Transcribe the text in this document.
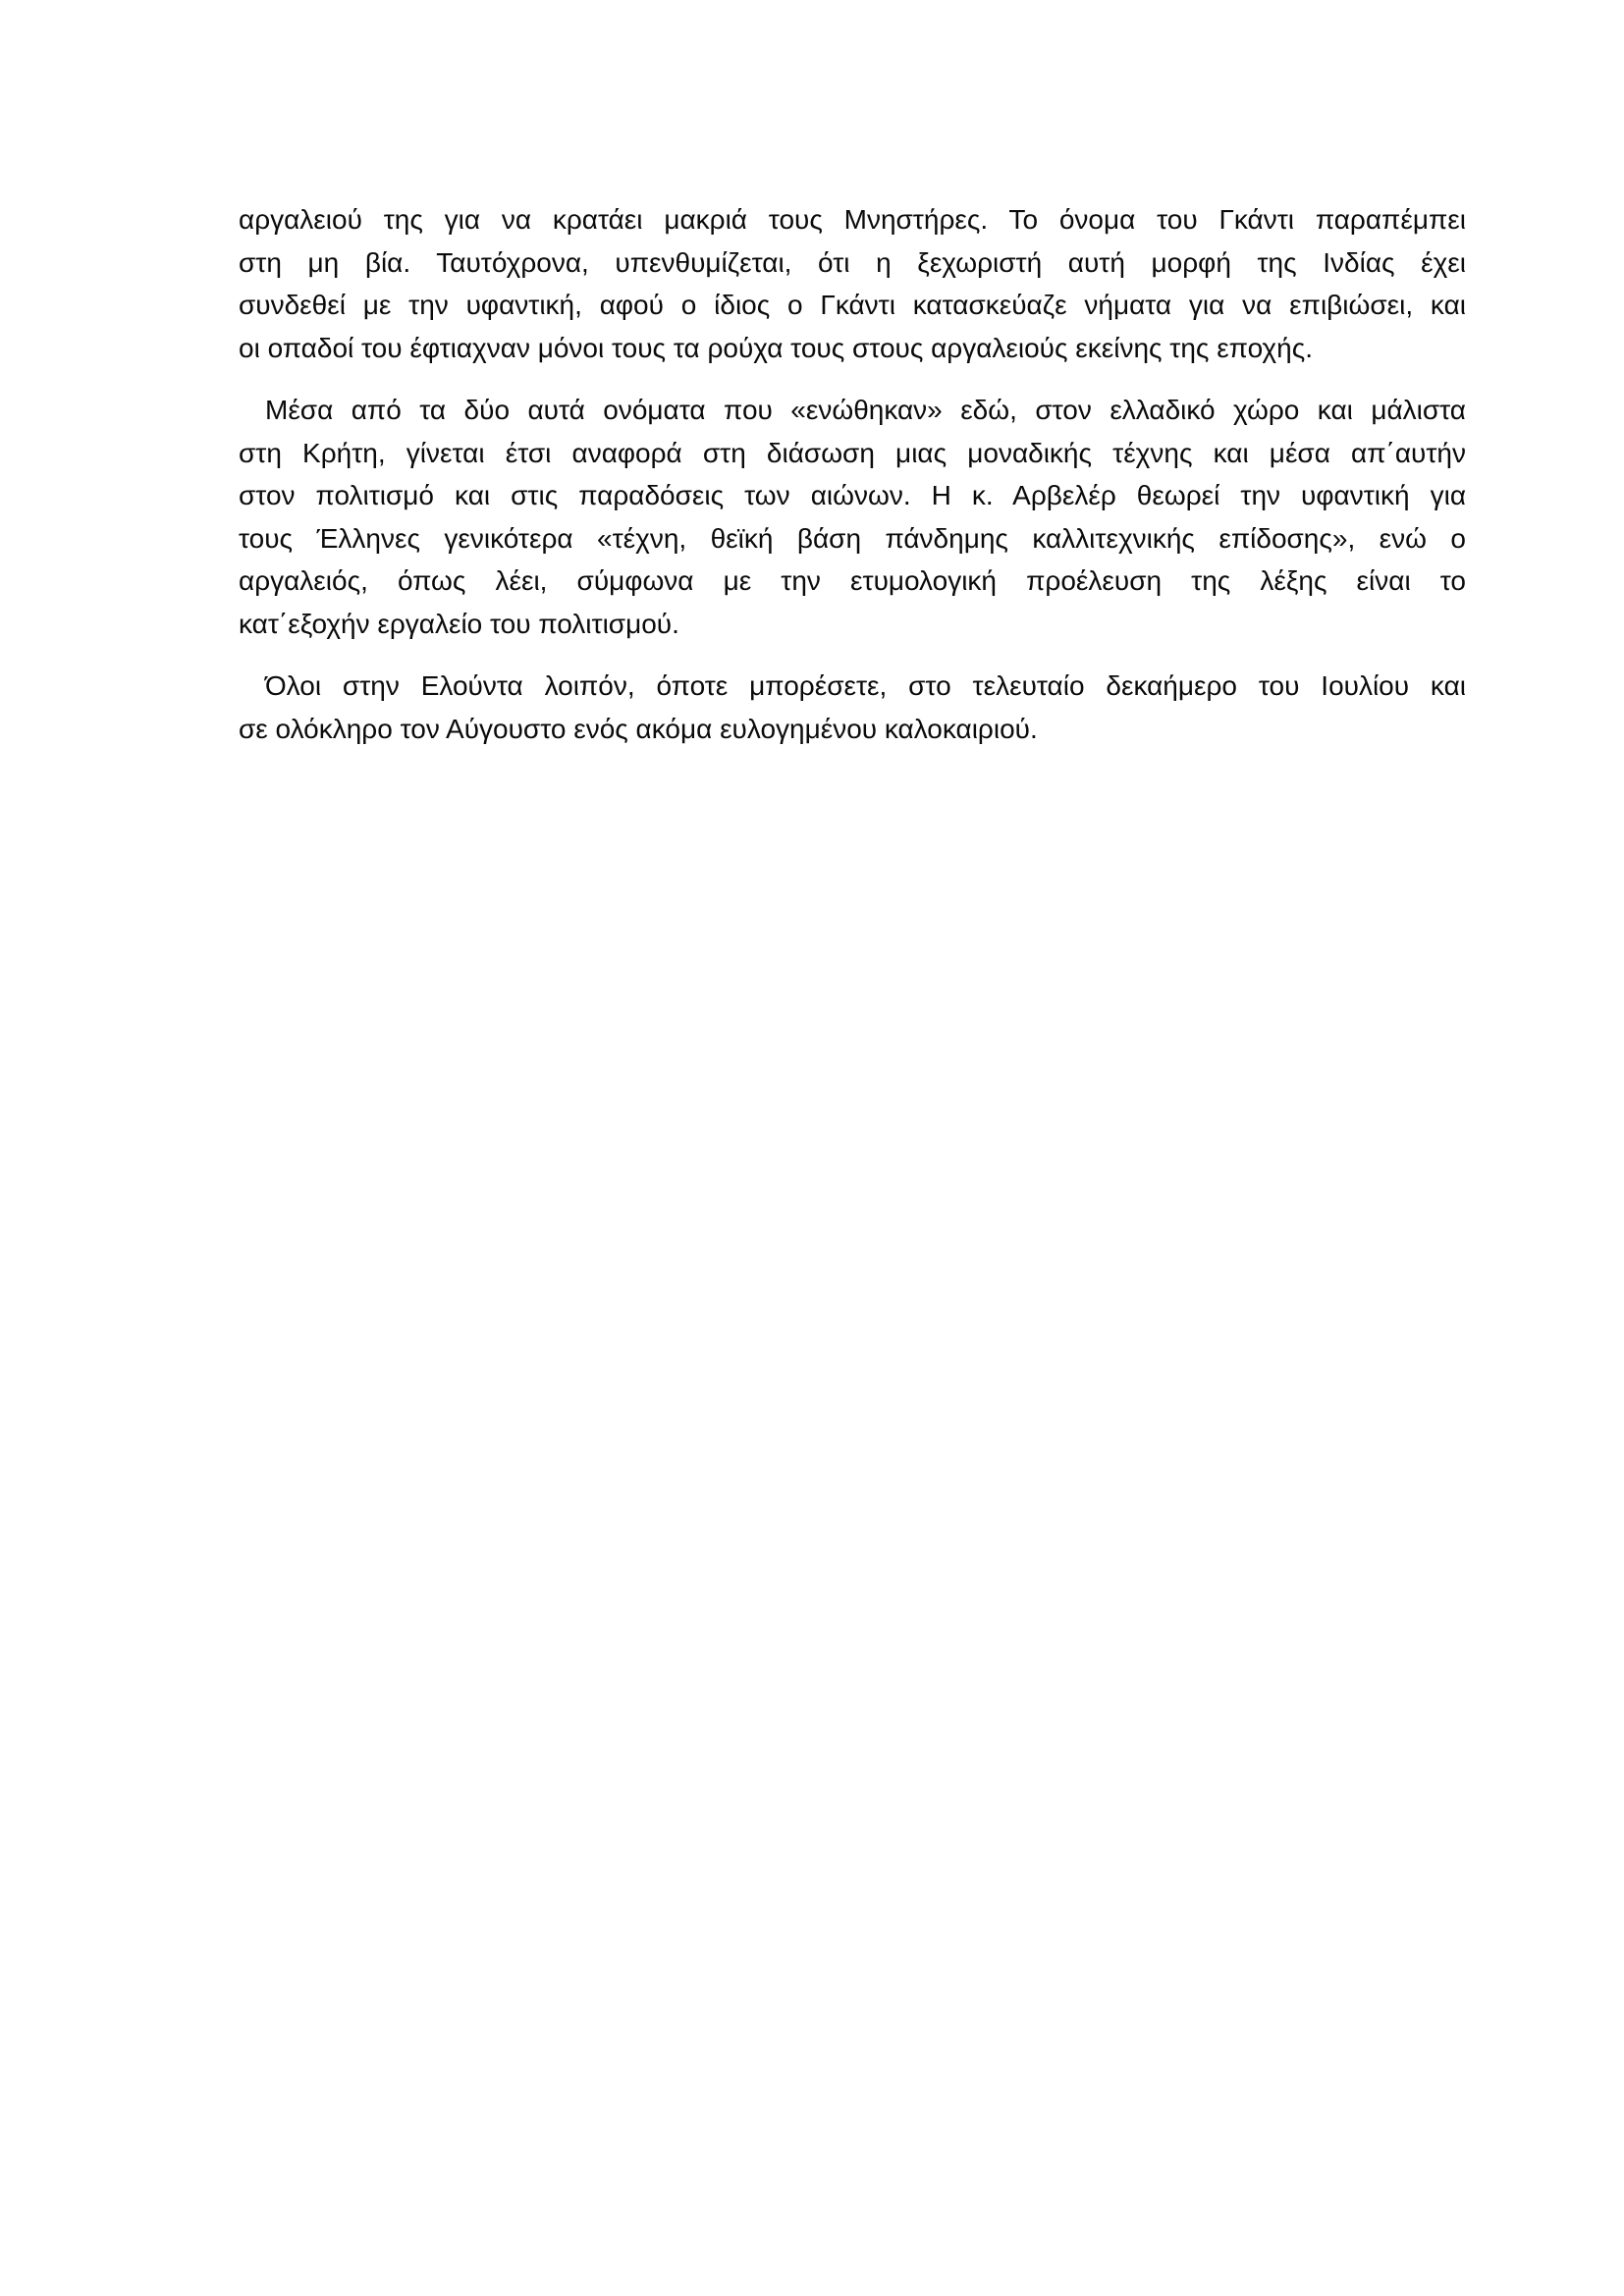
αργαλειού της για να κρατάει μακριά τους Μνηστήρες. Το όνομα του Γκάντι παραπέμπει
στη μη βία. Ταυτόχρονα, υπενθυμίζεται, ότι η ξεχωριστή αυτή μορφή της Ινδίας έχει
συνδεθεί με την υφαντική, αφού ο ίδιος ο Γκάντι κατασκεύαζε νήματα για να επιβιώσει, και
οι οπαδοί του έφτιαχναν μόνοι τους τα ρούχα τους στους αργαλειούς εκείνης της εποχής.
Μέσα από τα δύο αυτά ονόματα που «ενώθηκαν» εδώ, στον ελλαδικό χώρο και μάλιστα
στη Κρήτη, γίνεται έτσι αναφορά στη διάσωση μιας μοναδικής τέχνης και μέσα απ΄αυτήν
στον πολιτισμό και στις παραδόσεις των αιώνων. Η κ. Αρβελέρ θεωρεί την υφαντική για
τους Έλληνες γενικότερα «τέχνη, θεϊκή βάση πάνδημης καλλιτεχνικής επίδοσης», ενώ ο
αργαλειός, όπως λέει, σύμφωνα με την ετυμολογική προέλευση της λέξης είναι το
κατ΄εξοχήν εργαλείο του πολιτισμού.
Όλοι στην Ελούντα λοιπόν, όποτε μπορέσετε, στο τελευταίο δεκαήμερο του Ιουλίου και
σε ολόκληρο τον Αύγουστο ενός ακόμα ευλογημένου καλοκαιριού.
